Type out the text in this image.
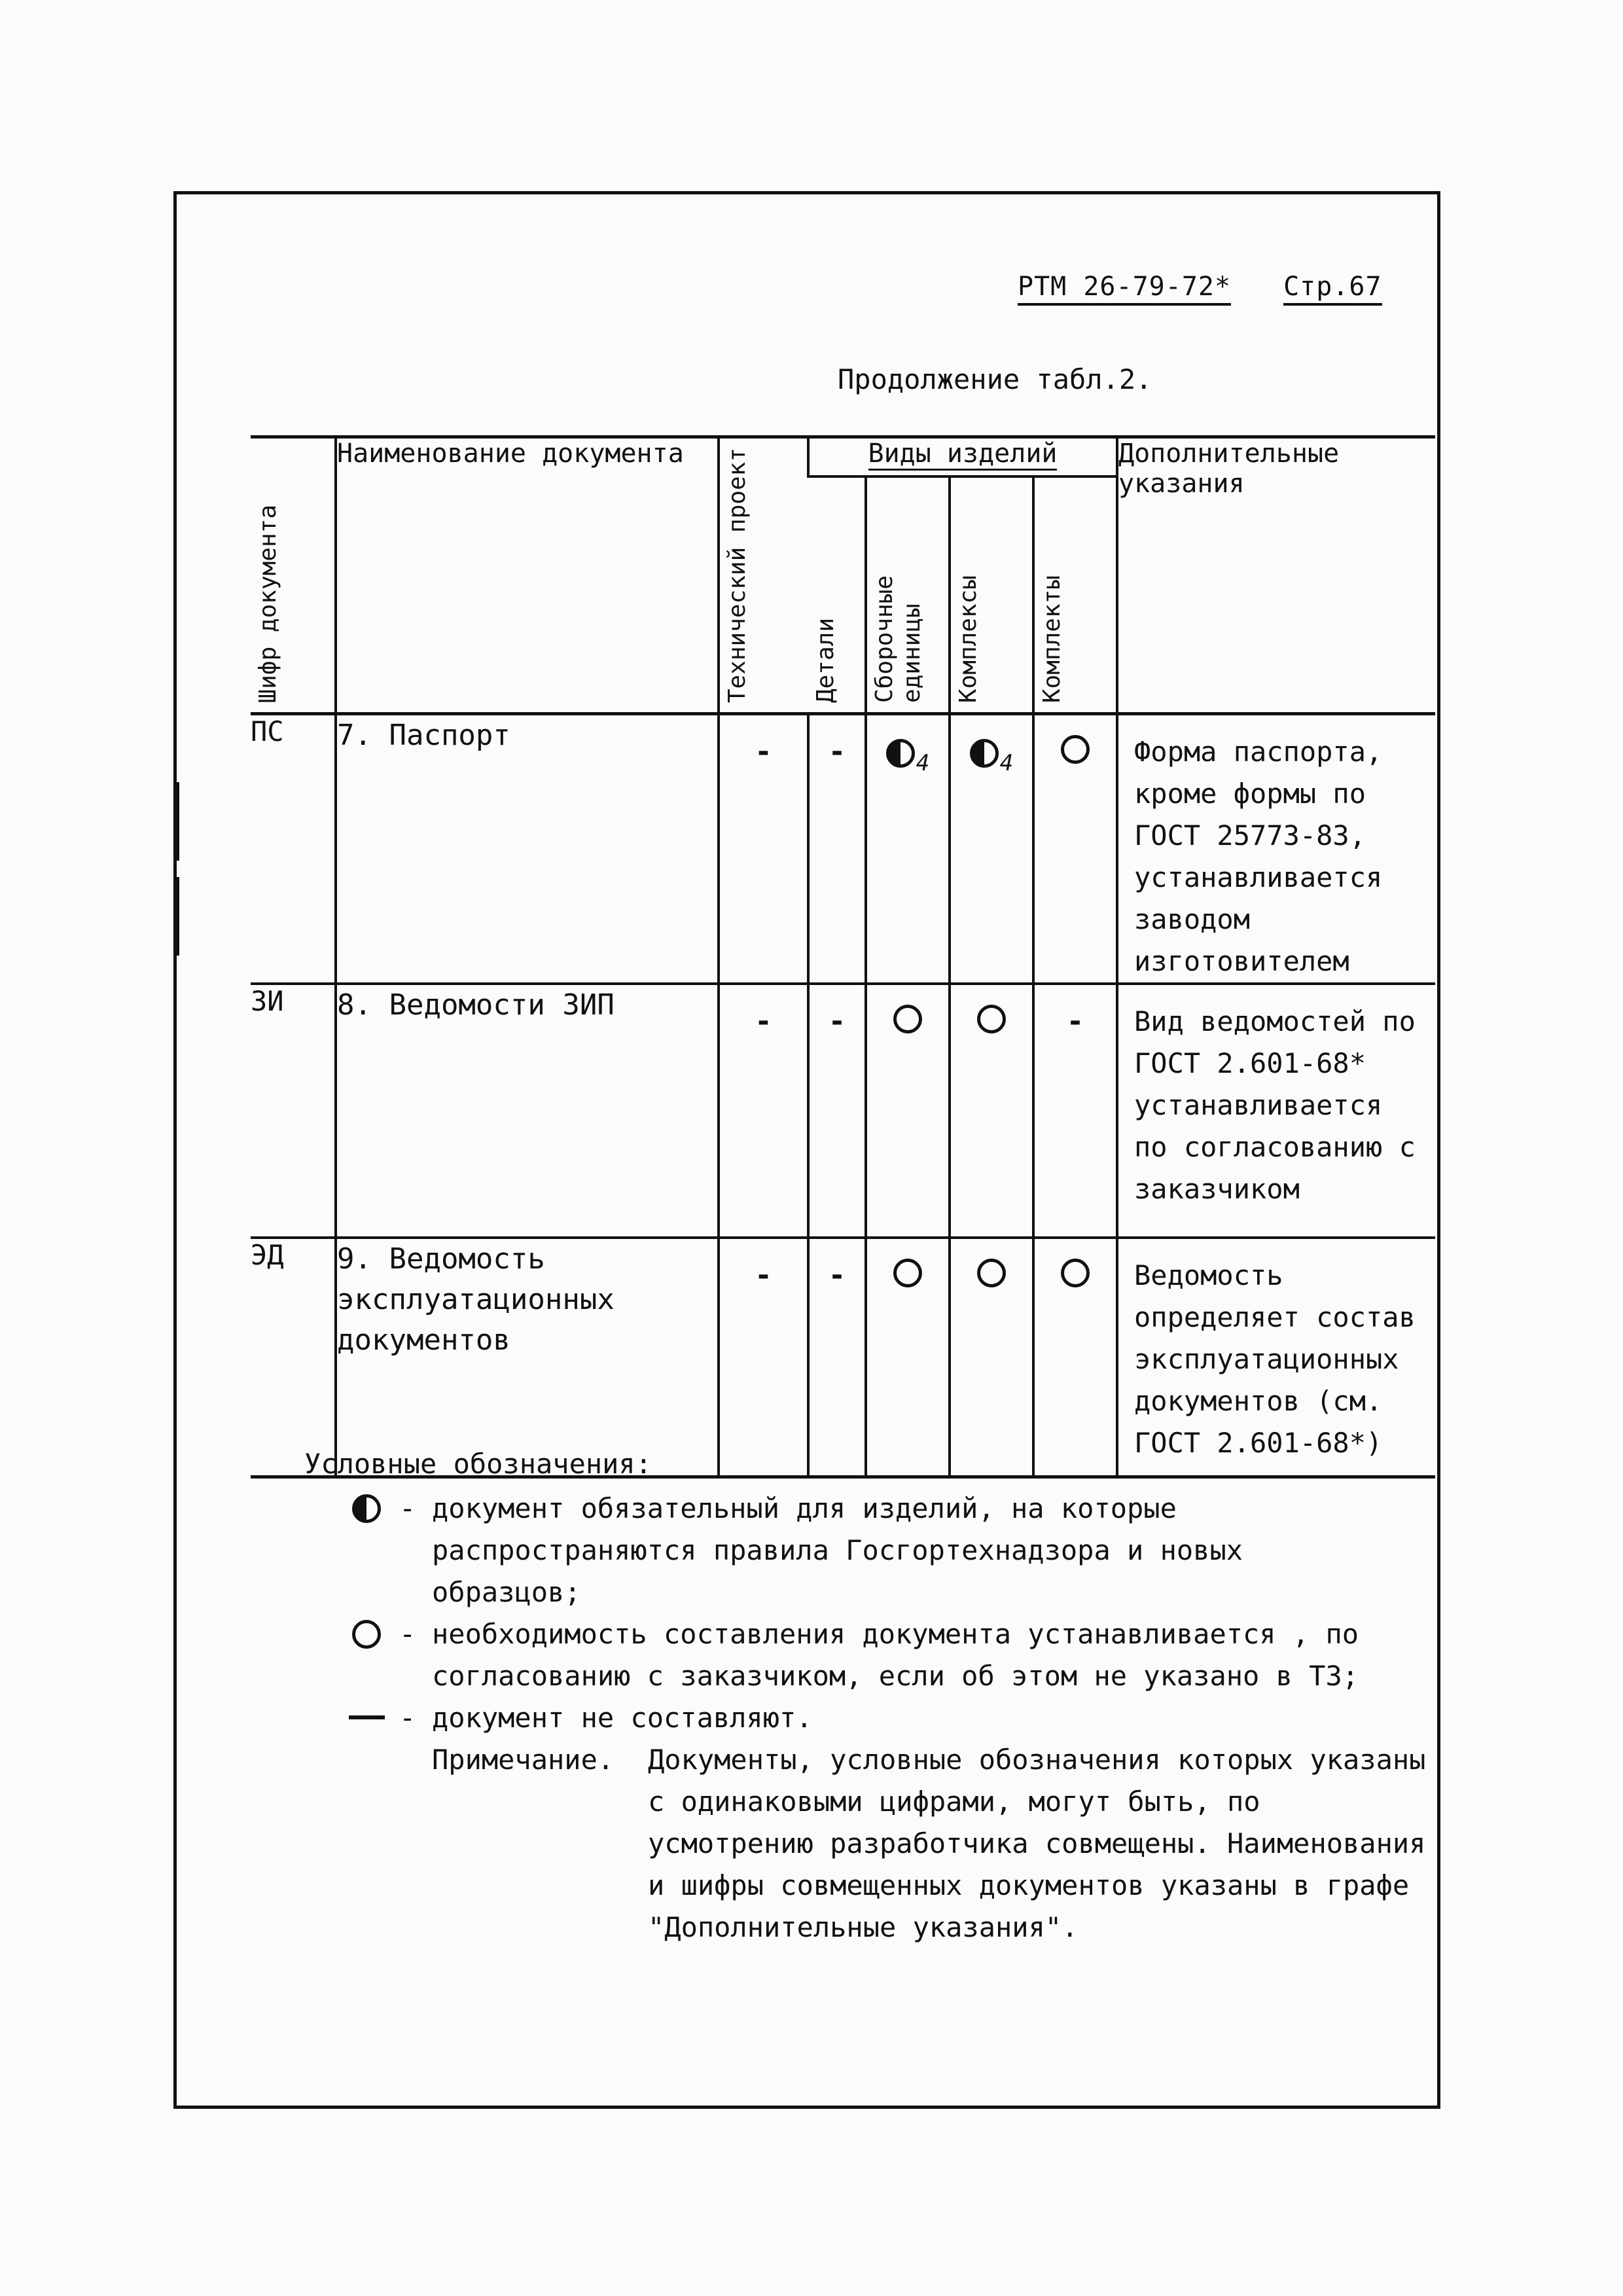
РТМ 26-79-72* Стр.67
Продолжение табл.2.
Шифр документа	Наименование документа	Технический проект	Виды изделий				Дополнительные указания

			Детали	Сборочные единицы	Комплексы	Комплекты	

ПС	7. Паспорт	-	-	$_4$	$_4$		Форма паспорта, кроме формы по ГОСТ 25773-83, устанавливается заводом изготовителем
ЗИ	8. Ведомости ЗИП	-	-			-	Вид ведомостей по ГОСТ 2.601-68* устанавливается по согласованию с заказчиком
ЭД	9. Ведомость эксплуатационных документов	-	-				Ведомость определяет состав эксплуатационных документов (см. ГОСТ 2.601-68*)
Условные обозначения:
- документ обязательный для изделий, на которые распространяются правила Госгортехнадзора и новых образцов;
- необходимость составления документа устанавливается , по согласованию с заказчиком, если об этом не указано в ТЗ;
- документ не составляют.
Примечание.	Документы, условные обозначения которых указаны с одинаковыми цифрами, могут быть, по усмотрению разработчика совмещены. Наименования и шифры совмещенных документов указаны в графе "Дополнительные указания".
